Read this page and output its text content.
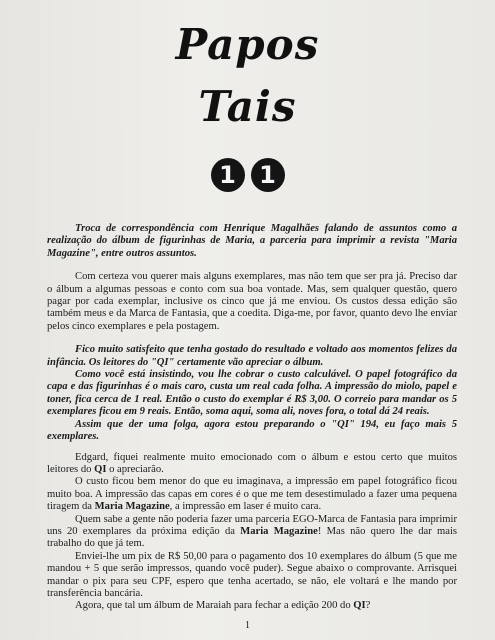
Papos
Tais
1 1

Troca de correspondência com Henrique Magalhães falando de assuntos como a realização do álbum de figurinhas de Maria, a parceria para imprimir a revista "Maria Magazine", entre outros assuntos.

Com certeza vou querer mais alguns exemplares, mas não tem que ser pra já. Preciso dar o álbum a algumas pessoas e conto com sua boa vontade. Mas, sem qualquer questão, quero pagar por cada exemplar, inclusive os cinco que já me enviou. Os custos dessa edição são também meus e da Marca de Fantasia, que a coedita. Diga-me, por favor, quanto devo lhe enviar pelos cinco exemplares e pela postagem.

Fico muito satisfeito que tenha gostado do resultado e voltado aos momentos felizes da infância. Os leitores do "QI" certamente vão apreciar o álbum.

Como você está insistindo, vou lhe cobrar o custo calculável. O papel fotográfico da capa e das figurinhas é o mais caro, custa um real cada folha. A impressão do miolo, papel e toner, fica cerca de 1 real. Então o custo do exemplar é R$ 3,00. O correio para mandar os 5 exemplares ficou em 9 reais. Então, soma aqui, soma ali, noves fora, o total dá 24 reais.

Assim que der uma folga, agora estou preparando o "QI" 194, eu faço mais 5 exemplares.

Edgard, fiquei realmente muito emocionado com o álbum e estou certo que muitos leitores do QI o apreciarão.

O custo ficou bem menor do que eu imaginava, a impressão em papel fotográfico ficou muito boa. A impressão das capas em cores é o que me tem desestimulado a fazer uma pequena tiragem da Maria Magazine, a impressão em laser é muito cara.

Quem sabe a gente não poderia fazer uma parceria EGO-Marca de Fantasia para imprimir uns 20 exemplares da próxima edição da Maria Magazine! Mas não quero lhe dar mais trabalho do que já tem.

Enviei-lhe um pix de R$ 50,00 para o pagamento dos 10 exemplares do álbum (5 que me mandou + 5 que serão impressos, quando você puder). Segue abaixo o comprovante. Arrisquei mandar o pix para seu CPF, espero que tenha acertado, se não, ele voltará e lhe mando por transferência bancária.

Agora, que tal um álbum de Maraiah para fechar a edição 200 do QI?

1
